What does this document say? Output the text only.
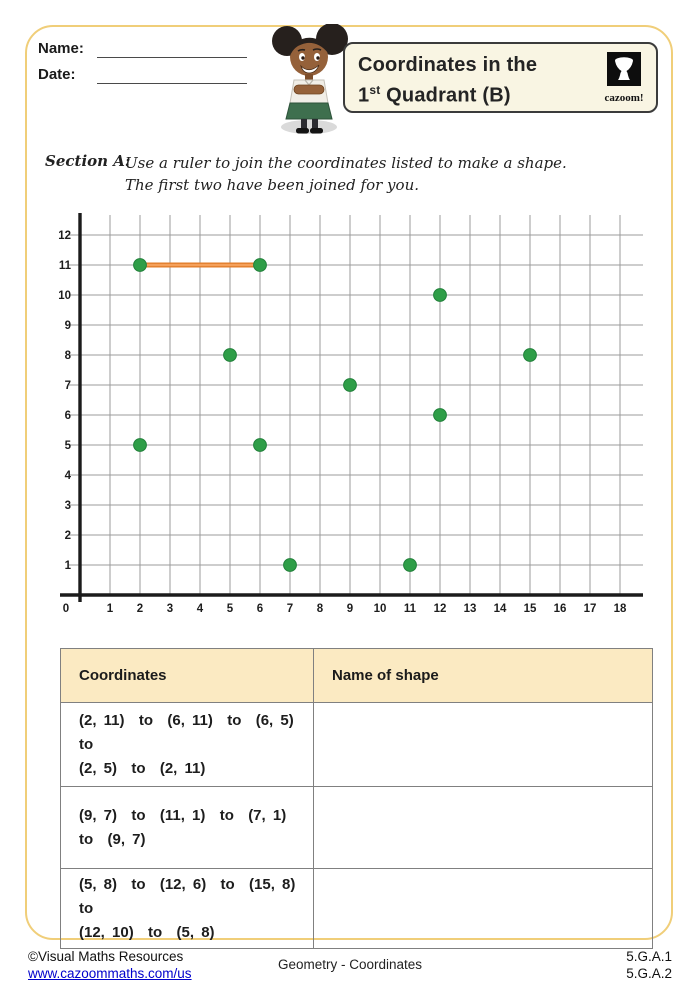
Name:
Date:	Coordinates in the
1st Quadrant (B)	cazoom!
Section A:
Use a ruler to join the coordinates listed to make a shape.
The first two have been joined for you.
0	1 2 3 4 5 6 7 8 9 10 11 12 13 14 15 16 17 18
1
2
3
4
5
6
7
8
9
10
11
12
Coordinates	Name of shape

(2, 11)  to  (6, 11)  to  (6, 5)  to
(2, 5)  to  (2, 11)	

(9, 7)  to  (11, 1)  to  (7, 1)  to  (9, 7)	

(5, 8)  to  (12, 6)  to  (15, 8)  to
(12, 10)  to  (5, 8)	

©Visual Maths Resources
www.cazoommaths.com/us
Geometry - Coordinates
5.G.A.1
5.G.A.2
